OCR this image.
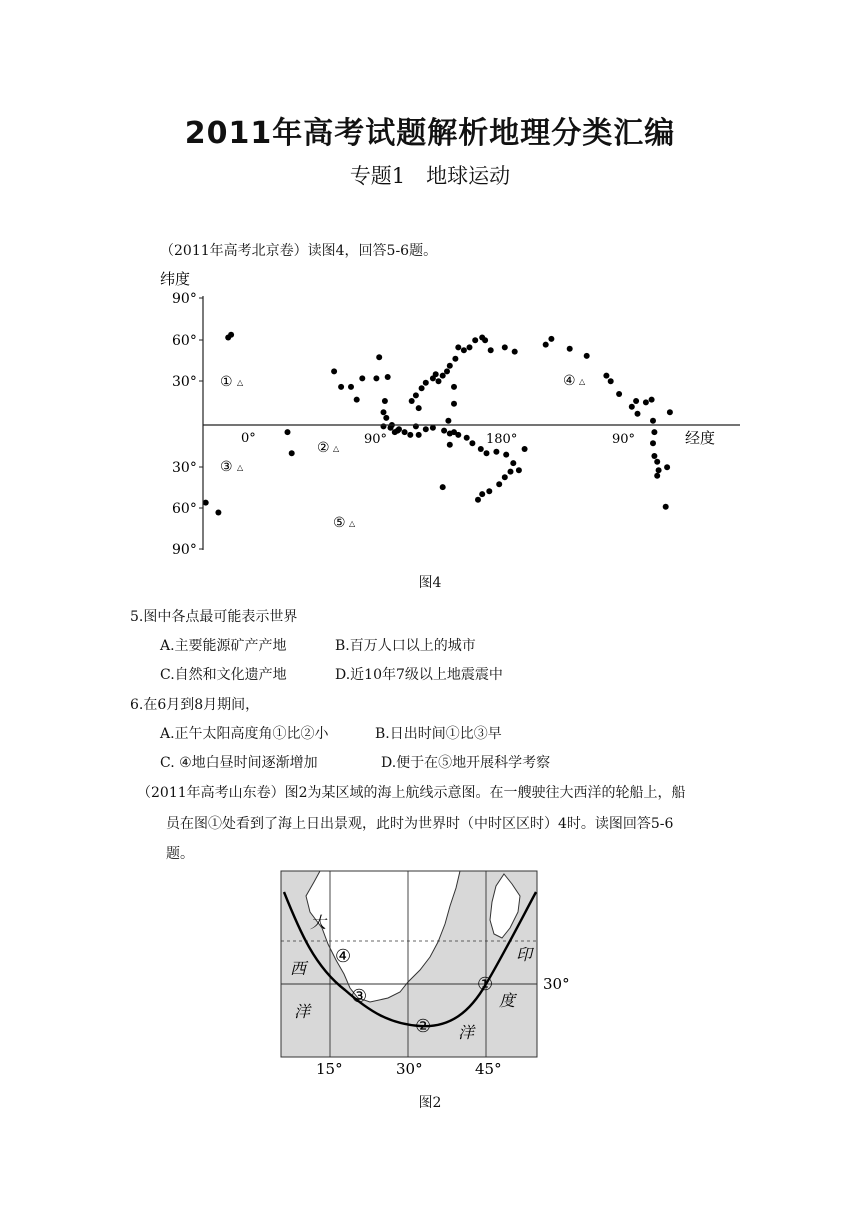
2011年高考试题解析地理分类汇编
专题1　地球运动
（2011年高考北京卷）读图4，回答5-6题。
纬度
90°
60°
30°
30°
60°
90°
0°	90°	180°	90°	经度
① △
② △
③ △
④ △
⑤ △
图4
5.图中各点最可能表示世界
A.主要能源矿产产地	B.百万人口以上的城市
C.自然和文化遗产地	D.近10年7级以上地震震中
6.在6月到8月期间，
A.正午太阳高度角①比②小	B.日出时间①比③早
C. ④地白昼时间逐渐增加	D.便于在⑤地开展科学考察
（2011年高考山东卷）图2为某区域的海上航线示意图。在一艘驶往大西洋的轮船上，船
员在图①处看到了海上日出景观，此时为世界时（中时区区时）4时。读图回答5-6
题。
大
西
洋
印
度
洋
①
②
③
④
30°
15°	30°	45°
图2
